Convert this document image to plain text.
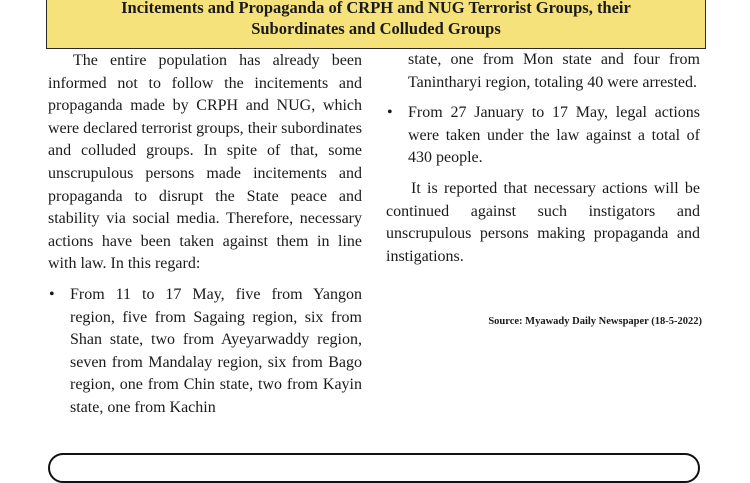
Incitements and Propaganda of CRPH and NUG Terrorist Groups, their
Subordinates and Colluded Groups

The entire population has already been informed not to follow the incitements and propaganda made by CRPH and NUG, which were declared terrorist groups, their subordinates and colluded groups. In spite of that, some unscrupulous persons made incitements and propaganda to disrupt the State peace and stability via social media. Therefore, necessary actions have been taken against them in line with law. In this regard:

• From 11 to 17 May, five from Yangon region, five from Sagaing region, six from Shan state, two from Ayeyarwaddy region, seven from Mandalay region, six from Bago region, one from Chin state, two from Kayin state, one from Kachin

state, one from Mon state and four from Tanintharyi region, totaling 40 were arrested.

• From 27 January to 17 May, legal actions were taken under the law against a total of 430 people.

It is reported that necessary actions will be continued against such instigators and unscrupulous persons making propaganda and instigations.

Source: Myawady Daily Newspaper (18-5-2022)
